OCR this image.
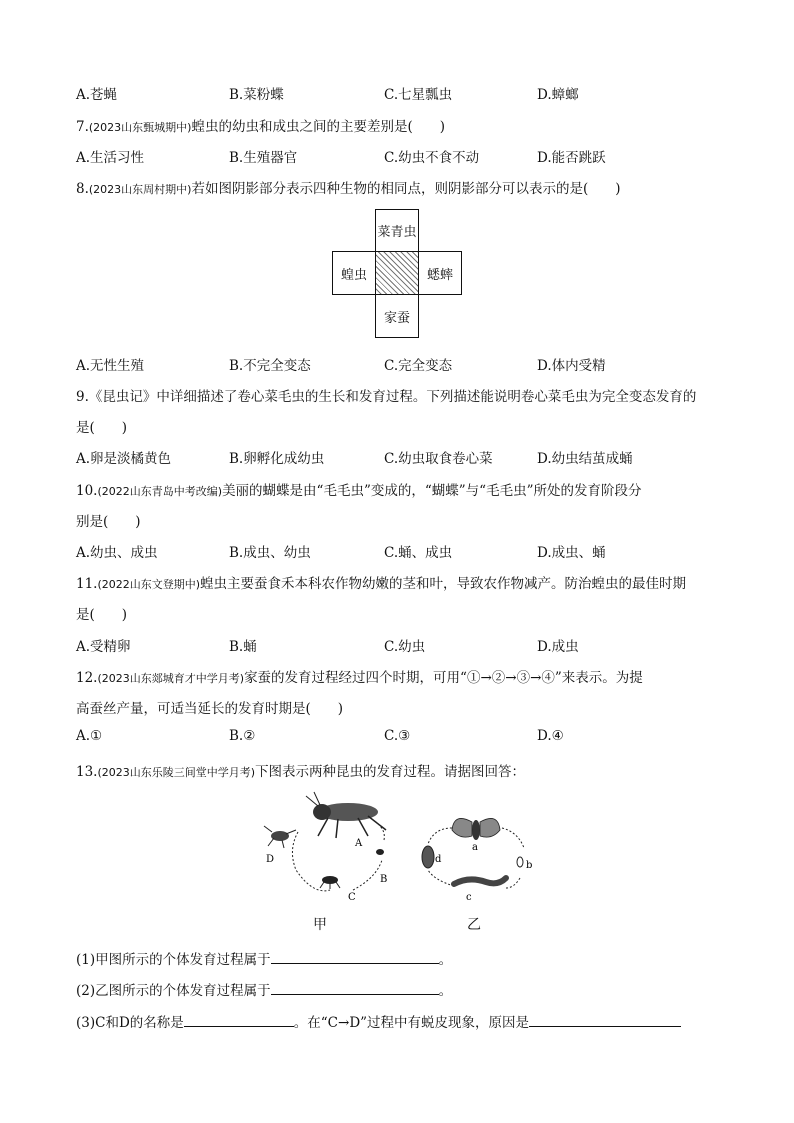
A.苍蝇	B.菜粉蝶	C.七星瓢虫	D.蟑螂
7.(2023山东甄城期中)蝗虫的幼虫和成虫之间的主要差别是(　　)
A.生活习性	B.生殖器官	C.幼虫不食不动	D.能否跳跃
8.(2023山东周村期中)若如图阴影部分表示四种生物的相同点，则阴影部分可以表示的是(　　)
菜青虫
蝗虫	蟋蟀
家蚕
A.无性生殖	B.不完全变态	C.完全变态	D.体内受精
9.《昆虫记》中详细描述了卷心菜毛虫的生长和发育过程。下列描述能说明卷心菜毛虫为完全变态发育的
是(　　)
A.卵是淡橘黄色	B.卵孵化成幼虫	C.幼虫取食卷心菜	D.幼虫结茧成蛹
10.(2022山东青岛中考改编)美丽的蝴蝶是由“毛毛虫”变成的，“蝴蝶”与“毛毛虫”所处的发育阶段分
别是(　　)
A.幼虫、成虫	B.成虫、幼虫	C.蛹、成虫	D.成虫、蛹
11.(2022山东文登期中)蝗虫主要蚕食禾本科农作物幼嫩的茎和叶，导致农作物减产。防治蝗虫的最佳时期
是(　　)
A.受精卵	B.蛹	C.幼虫	D.成虫
12.(2023山东郯城育才中学月考)家蚕的发育过程经过四个时期，可用“①→②→③→④”来表示。为提
高蚕丝产量，可适当延长的发育时期是(　　)
A.①	B.②	C.③	D.④
13.(2023山东乐陵三间堂中学月考)下图表示两种昆虫的发育过程。请据图回答：
A
B
C
D
甲
a
b
c
d
乙
(1)甲图所示的个体发育过程属于	。
(2)乙图所示的个体发育过程属于	。
(3)C和D的名称是	。在“C→D”过程中有蜕皮现象，原因是
